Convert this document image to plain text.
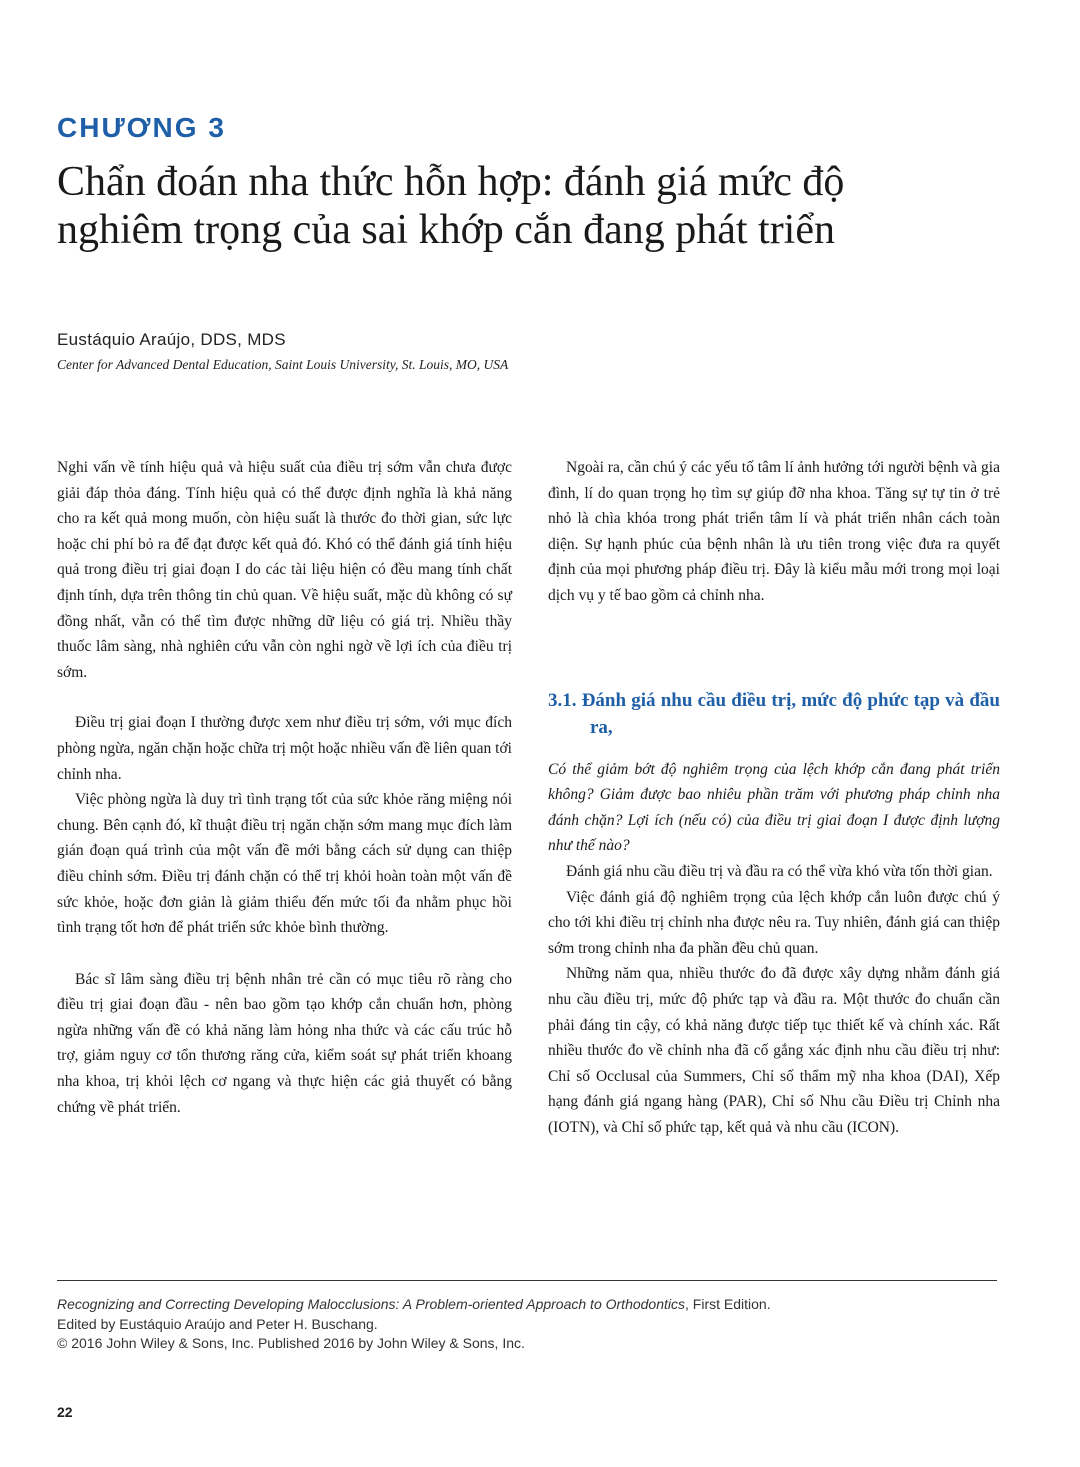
CHƯƠNG 3
Chẩn đoán nha thức hỗn hợp: đánh giá mức độ nghiêm trọng của sai khớp cắn đang phát triển
Eustáquio Araújo, DDS, MDS
Center for Advanced Dental Education, Saint Louis University, St. Louis, MO, USA

Nghi vấn về tính hiệu quả và hiệu suất của điều trị sớm vẫn chưa được giải đáp thỏa đáng. Tính hiệu quả có thể được định nghĩa là khả năng cho ra kết quả mong muốn, còn hiệu suất là thước đo thời gian, sức lực hoặc chi phí bỏ ra để đạt được kết quả đó. Khó có thể đánh giá tính hiệu quả trong điều trị giai đoạn I do các tài liệu hiện có đều mang tính chất định tính, dựa trên thông tin chủ quan. Về hiệu suất, mặc dù không có sự đồng nhất, vẫn có thể tìm được những dữ liệu có giá trị. Nhiều thầy thuốc lâm sàng, nhà nghiên cứu vẫn còn nghi ngờ về lợi ích của điều trị sớm.

Điều trị giai đoạn I thường được xem như điều trị sớm, với mục đích phòng ngừa, ngăn chặn hoặc chữa trị một hoặc nhiều vấn đề liên quan tới chỉnh nha.

Việc phòng ngừa là duy trì tình trạng tốt của sức khỏe răng miệng nói chung. Bên cạnh đó, kĩ thuật điều trị ngăn chặn sớm mang mục đích làm gián đoạn quá trình của một vấn đề mới bằng cách sử dụng can thiệp điều chỉnh sớm. Điều trị đánh chặn có thể trị khỏi hoàn toàn một vấn đề sức khỏe, hoặc đơn giản là giảm thiểu đến mức tối đa nhằm phục hồi tình trạng tốt hơn để phát triển sức khỏe bình thường.

Bác sĩ lâm sàng điều trị bệnh nhân trẻ cần có mục tiêu rõ ràng cho điều trị giai đoạn đầu - nên bao gồm tạo khớp cắn chuẩn hơn, phòng ngừa những vấn đề có khả năng làm hỏng nha thức và các cấu trúc hỗ trợ, giảm nguy cơ tổn thương răng cửa, kiểm soát sự phát triển khoang nha khoa, trị khỏi lệch cơ ngang và thực hiện các giả thuyết có bằng chứng về phát triển.

Ngoài ra, cần chú ý các yếu tố tâm lí ảnh hưởng tới người bệnh và gia đình, lí do quan trọng họ tìm sự giúp đỡ nha khoa. Tăng sự tự tin ở trẻ nhỏ là chìa khóa trong phát triển tâm lí và phát triển nhân cách toàn diện. Sự hạnh phúc của bệnh nhân là ưu tiên trong việc đưa ra quyết định của mọi phương pháp điều trị. Đây là kiểu mẫu mới trong mọi loại dịch vụ y tế bao gồm cả chỉnh nha.

3.1. Đánh giá nhu cầu điều trị, mức độ phức tạp và đầu ra,

Có thể giảm bớt độ nghiêm trọng của lệch khớp cắn đang phát triển không? Giảm được bao nhiêu phần trăm với phương pháp chỉnh nha đánh chặn? Lợi ích (nếu có) của điều trị giai đoạn I được định lượng như thế nào?

Đánh giá nhu cầu điều trị và đầu ra có thể vừa khó vừa tốn thời gian.

Việc đánh giá độ nghiêm trọng của lệch khớp cắn luôn được chú ý cho tới khi điều trị chỉnh nha được nêu ra. Tuy nhiên, đánh giá can thiệp sớm trong chỉnh nha đa phần đều chủ quan.

Những năm qua, nhiều thước đo đã được xây dựng nhằm đánh giá nhu cầu điều trị, mức độ phức tạp và đầu ra. Một thước đo chuẩn cần phải đáng tin cậy, có khả năng được tiếp tục thiết kế và chính xác. Rất nhiều thước đo về chỉnh nha đã cố gắng xác định nhu cầu điều trị như: Chỉ số Occlusal của Summers, Chỉ số thẩm mỹ nha khoa (DAI), Xếp hạng đánh giá ngang hàng (PAR), Chỉ số Nhu cầu Điều trị Chỉnh nha (IOTN), và Chỉ số phức tạp, kết quả và nhu cầu (ICON).

Recognizing and Correcting Developing Malocclusions: A Problem-oriented Approach to Orthodontics, First Edition.
Edited by Eustáquio Araújo and Peter H. Buschang.
© 2016 John Wiley & Sons, Inc. Published 2016 by John Wiley & Sons, Inc.
22
